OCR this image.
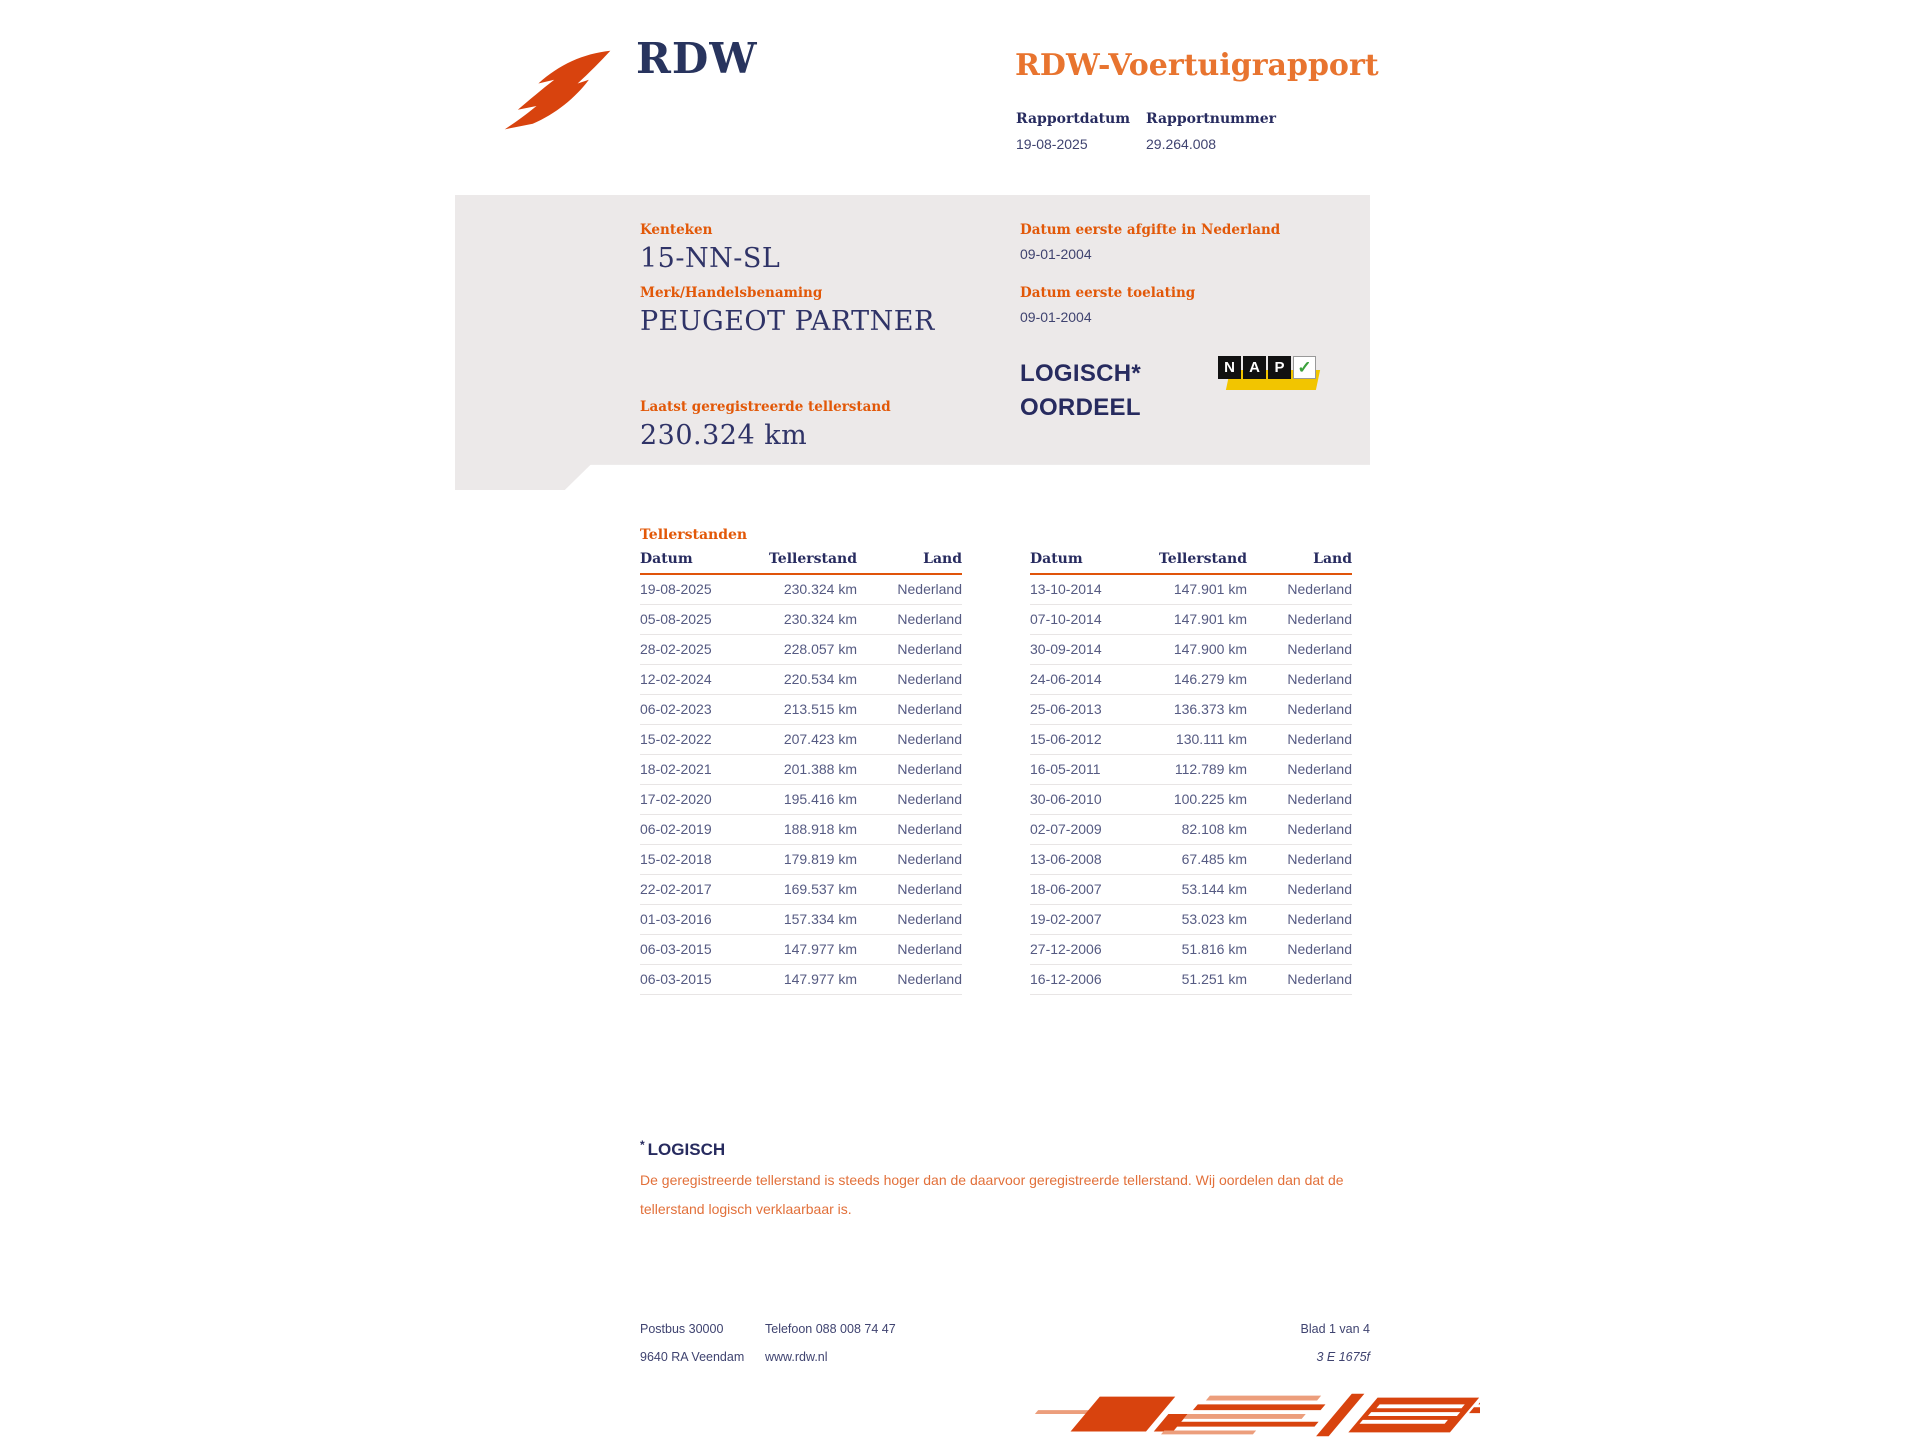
RDW	RDW-Voertuigrapport
Rapportdatum
19-08-2025
Rapportnummer
29.264.008
Kenteken
15-NN-SL
Merk/Handelsbenaming
PEUGEOT PARTNER
Datum eerste afgifte in Nederland
09-01-2004
Datum eerste toelating
09-01-2004
Laatst geregistreerde tellerstand
230.324 km
LOGISCH*
OORDEEL
N A P ✓
Tellerstanden
Datum	Tellerstand	Land
19-08-2025	230.324 km	Nederland
05-08-2025	230.324 km	Nederland
28-02-2025	228.057 km	Nederland
12-02-2024	220.534 km	Nederland
06-02-2023	213.515 km	Nederland
15-02-2022	207.423 km	Nederland
18-02-2021	201.388 km	Nederland
17-02-2020	195.416 km	Nederland
06-02-2019	188.918 km	Nederland
15-02-2018	179.819 km	Nederland
22-02-2017	169.537 km	Nederland
01-03-2016	157.334 km	Nederland
06-03-2015	147.977 km	Nederland
06-03-2015	147.977 km	Nederland
Datum	Tellerstand	Land
13-10-2014	147.901 km	Nederland
07-10-2014	147.901 km	Nederland
30-09-2014	147.900 km	Nederland
24-06-2014	146.279 km	Nederland
25-06-2013	136.373 km	Nederland
15-06-2012	130.111 km	Nederland
16-05-2011	112.789 km	Nederland
30-06-2010	100.225 km	Nederland
02-07-2009	82.108 km	Nederland
13-06-2008	67.485 km	Nederland
18-06-2007	53.144 km	Nederland
19-02-2007	53.023 km	Nederland
27-12-2006	51.816 km	Nederland
16-12-2006	51.251 km	Nederland
* LOGISCH

De geregistreerde tellerstand is steeds hoger dan de daarvoor geregistreerde tellerstand. Wij oordelen dan dat de tellerstand logisch verklaarbaar is.

Postbus 30000
9640 RA Veendam
Telefoon 088 008 74 47
www.rdw.nl
Blad 1 van 4
3 E 1675f
